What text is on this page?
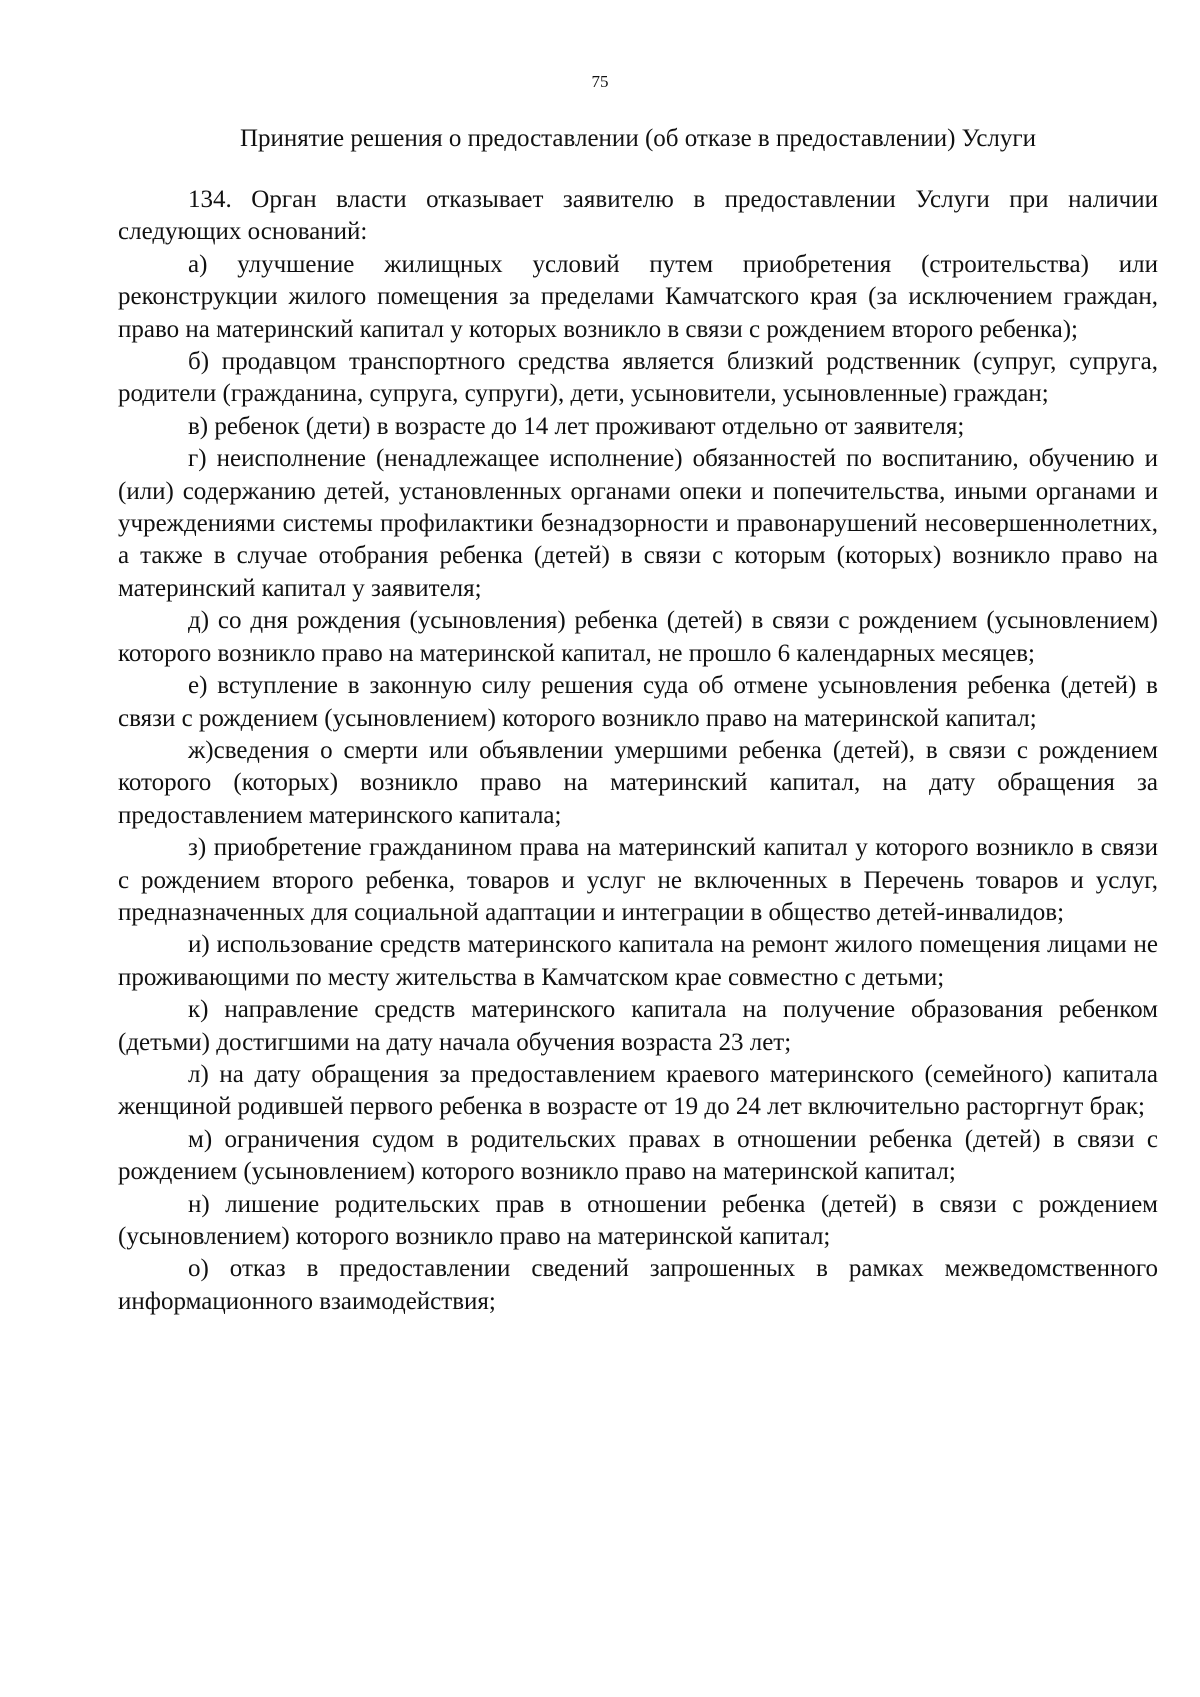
75
Принятие решения о предоставлении (об отказе в предоставлении) Услуги

134. Орган власти отказывает заявителю в предоставлении Услуги при наличии следующих оснований:

а) улучшение жилищных условий путем приобретения (строительства) или реконструкции жилого помещения за пределами Камчатского края (за исключением граждан, право на материнский капитал у которых возникло в связи с рождением второго ребенка);

б) продавцом транспортного средства является близкий родственник (супруг, супруга, родители (гражданина, супруга, супруги), дети, усыновители, усыновленные) граждан;

в) ребенок (дети) в возрасте до 14 лет проживают отдельно от заявителя;

г) неисполнение (ненадлежащее исполнение) обязанностей по воспитанию, обучению и (или) содержанию детей, установленных органами опеки и попечительства, иными органами и учреждениями системы профилактики безнадзорности и правонарушений несовершеннолетних, а также в случае отобрания ребенка (детей) в связи с которым (которых) возникло право на материнский капитал у заявителя;

д) со дня рождения (усыновления) ребенка (детей) в связи с рождением (усыновлением) которого возникло право на материнской капитал, не прошло 6 календарных месяцев;

е) вступление в законную силу решения суда об отмене усыновления ребенка (детей) в связи с рождением (усыновлением) которого возникло право на материнской капитал;

ж)сведения о смерти или объявлении умершими ребенка (детей), в связи с рождением которого (которых) возникло право на материнский капитал, на дату обращения за предоставлением материнского капитала;

з) приобретение гражданином права на материнский капитал у которого возникло в связи с рождением второго ребенка, товаров и услуг не включенных в Перечень товаров и услуг, предназначенных для социальной адаптации и интеграции в общество детей-инвалидов;

и) использование средств материнского капитала на ремонт жилого помещения лицами не проживающими по месту жительства в Камчатском крае совместно с детьми;

к) направление средств материнского капитала на получение образования ребенком (детьми) достигшими на дату начала обучения возраста 23 лет;

л) на дату обращения за предоставлением краевого материнского (семейного) капитала женщиной родившей первого ребенка в возрасте от 19 до 24 лет включительно расторгнут брак;

м) ограничения судом в родительских правах в отношении ребенка (детей) в связи с рождением (усыновлением) которого возникло право на материнской капитал;

н) лишение родительских прав в отношении ребенка (детей) в связи с рождением (усыновлением) которого возникло право на материнской капитал;

о) отказ в предоставлении сведений запрошенных в рамках межведомственного информационного взаимодействия;
